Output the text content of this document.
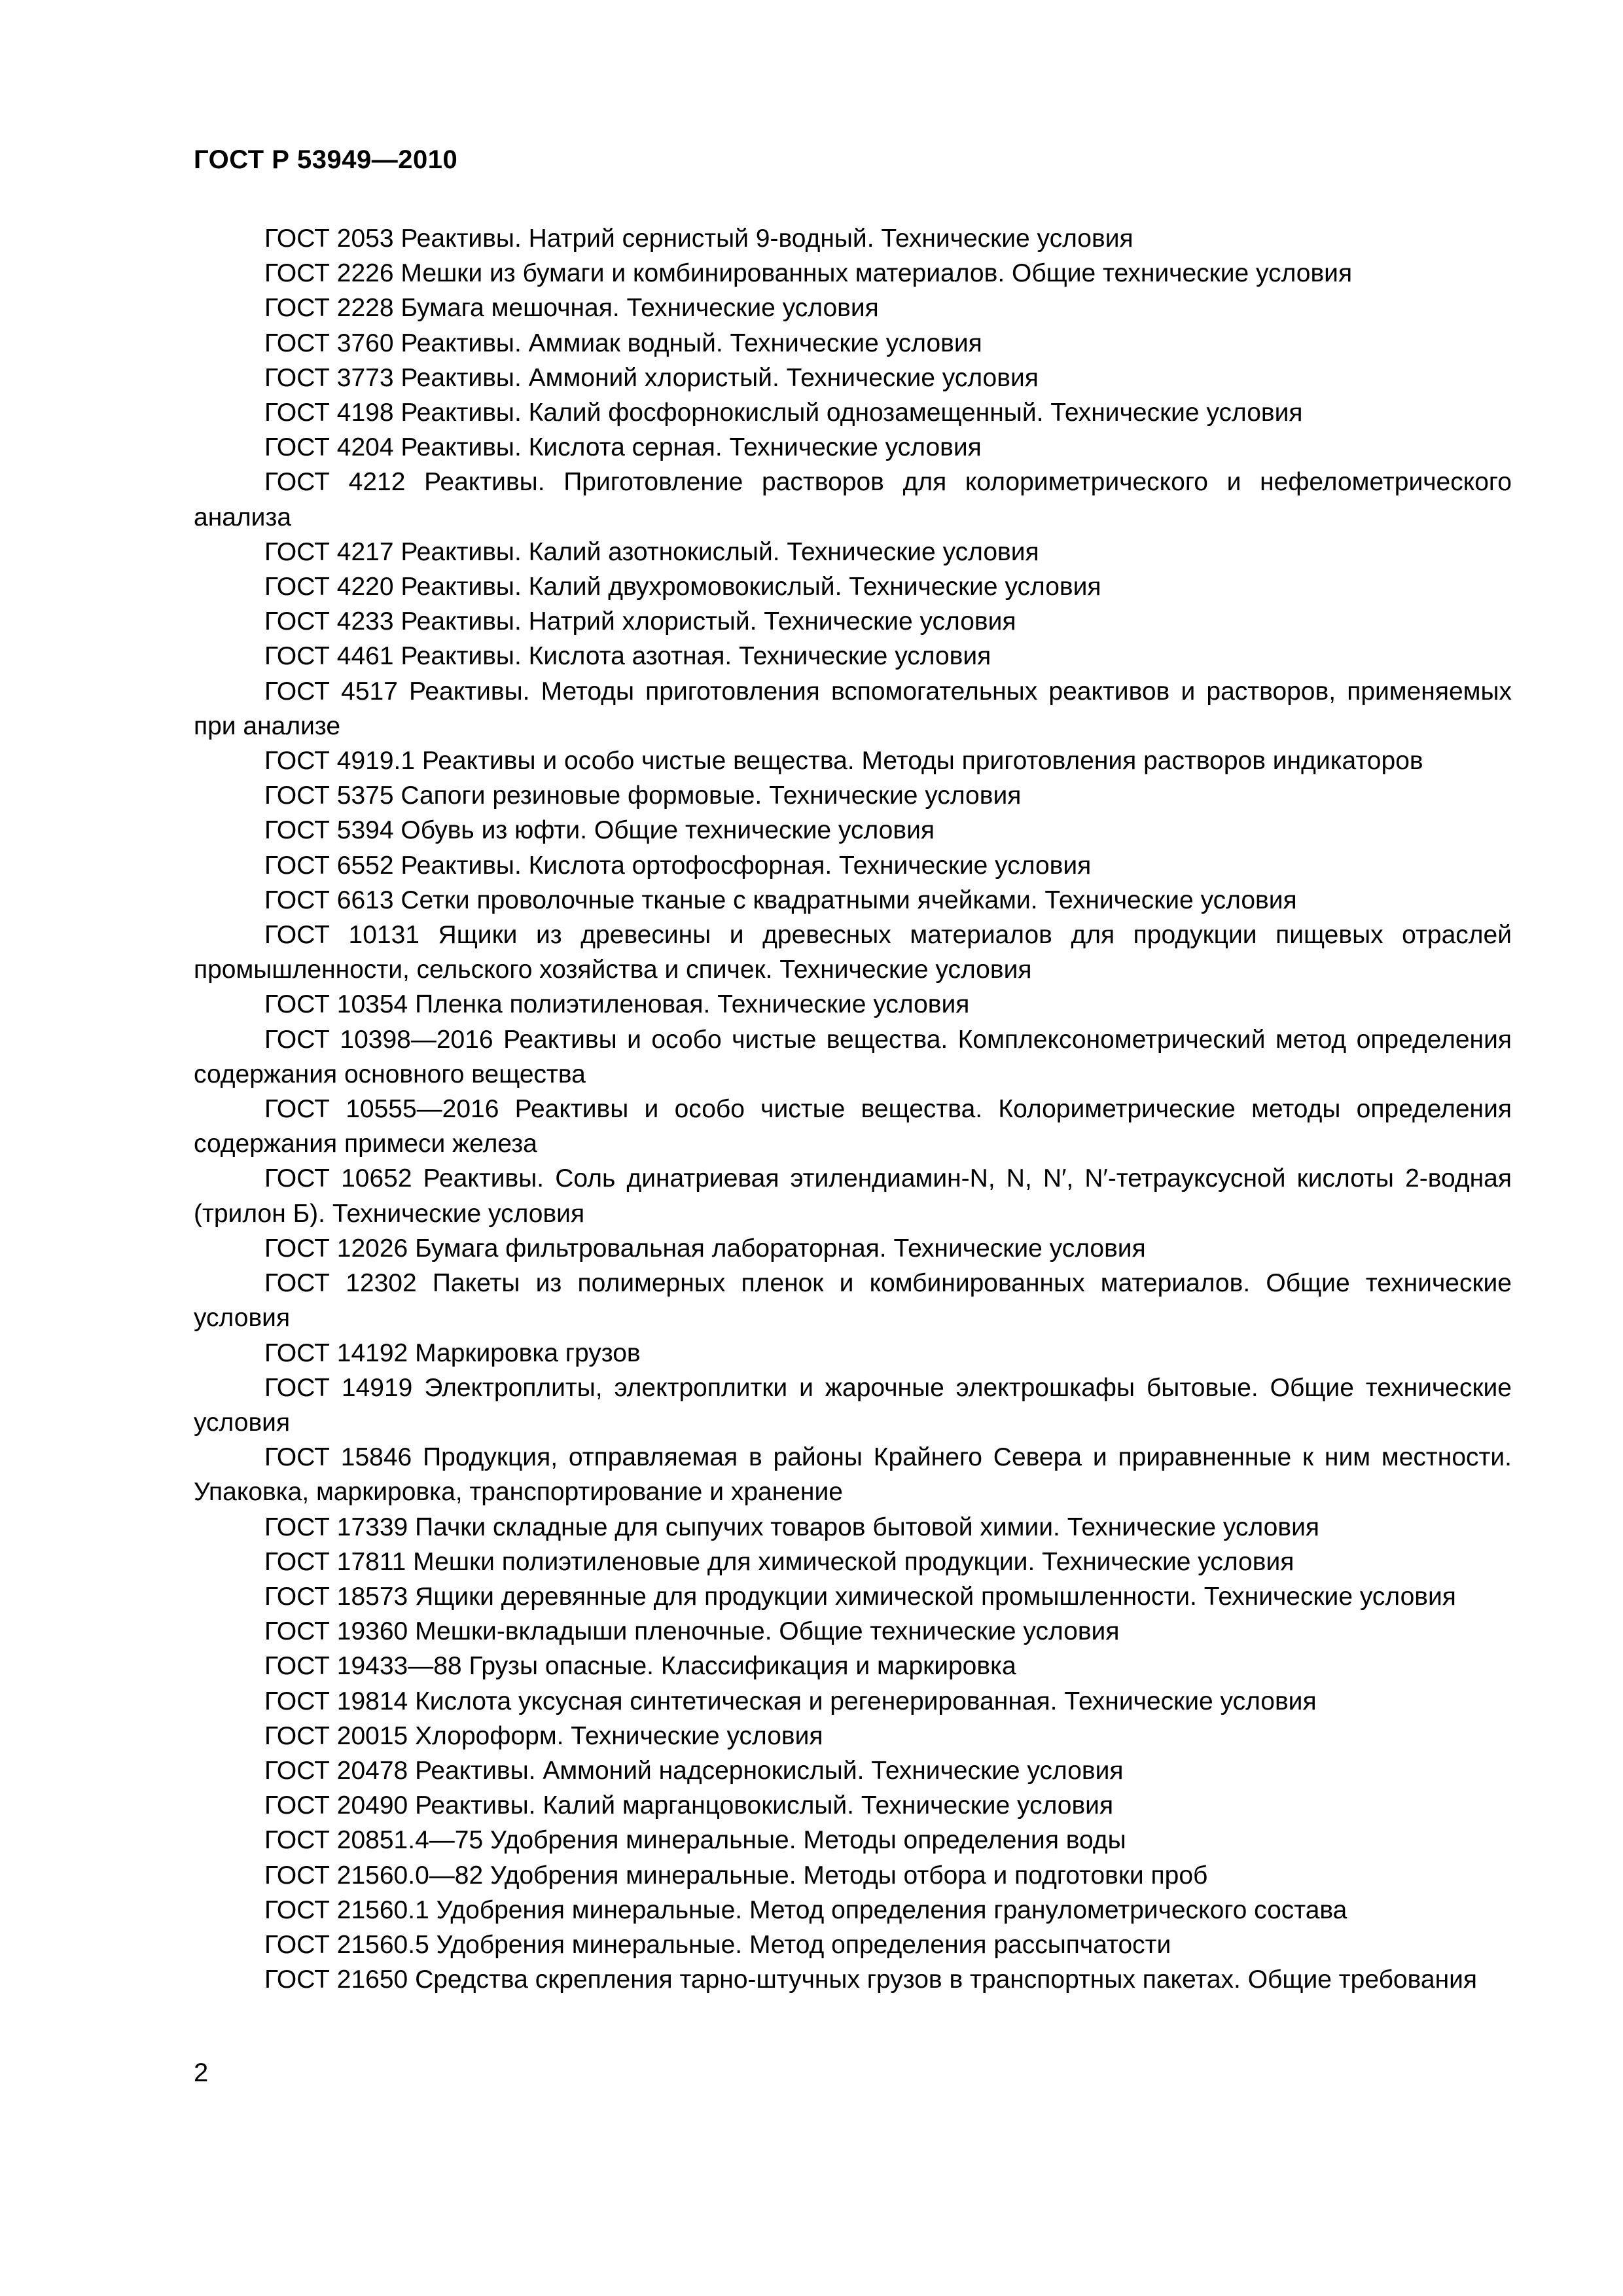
ГОСТ Р 53949—2010
ГОСТ 2053 Реактивы. Натрий сернистый 9-водный. Технические условия
ГОСТ 2226 Мешки из бумаги и комбинированных материалов. Общие технические условия
ГОСТ 2228 Бумага мешочная. Технические условия
ГОСТ 3760 Реактивы. Аммиак водный. Технические условия
ГОСТ 3773 Реактивы. Аммоний хлористый. Технические условия
ГОСТ 4198 Реактивы. Калий фосфорнокислый однозамещенный. Технические условия
ГОСТ 4204 Реактивы. Кислота серная. Технические условия
ГОСТ 4212 Реактивы. Приготовление растворов для колориметрического и нефелометрического анализа
ГОСТ 4217 Реактивы. Калий азотнокислый. Технические условия
ГОСТ 4220 Реактивы. Калий двухромовокислый. Технические условия
ГОСТ 4233 Реактивы. Натрий хлористый. Технические условия
ГОСТ 4461 Реактивы. Кислота азотная. Технические условия
ГОСТ 4517 Реактивы. Методы приготовления вспомогательных реактивов и растворов, применяемых при анализе
ГОСТ 4919.1 Реактивы и особо чистые вещества. Методы приготовления растворов индикаторов
ГОСТ 5375 Сапоги резиновые формовые. Технические условия
ГОСТ 5394 Обувь из юфти. Общие технические условия
ГОСТ 6552 Реактивы. Кислота ортофосфорная. Технические условия
ГОСТ 6613 Сетки проволочные тканые с квадратными ячейками. Технические условия
ГОСТ 10131 Ящики из древесины и древесных материалов для продукции пищевых отраслей промышленности, сельского хозяйства и спичек. Технические условия
ГОСТ 10354 Пленка полиэтиленовая. Технические условия
ГОСТ 10398—2016 Реактивы и особо чистые вещества. Комплексонометрический метод определения содержания основного вещества
ГОСТ 10555—2016 Реактивы и особо чистые вещества. Колориметрические методы определения содержания примеси железа
ГОСТ 10652 Реактивы. Соль динатриевая этилендиамин-N, N, N′, N′-тетрауксусной кислоты 2-водная (трилон Б). Технические условия
ГОСТ 12026 Бумага фильтровальная лабораторная. Технические условия
ГОСТ 12302 Пакеты из полимерных пленок и комбинированных материалов. Общие технические условия
ГОСТ 14192 Маркировка грузов
ГОСТ 14919 Электроплиты, электроплитки и жарочные электрошкафы бытовые. Общие технические условия
ГОСТ 15846 Продукция, отправляемая в районы Крайнего Севера и приравненные к ним местности. Упаковка, маркировка, транспортирование и хранение
ГОСТ 17339 Пачки складные для сыпучих товаров бытовой химии. Технические условия
ГОСТ 17811 Мешки полиэтиленовые для химической продукции. Технические условия
ГОСТ 18573 Ящики деревянные для продукции химической промышленности. Технические условия
ГОСТ 19360 Мешки-вкладыши пленочные. Общие технические условия
ГОСТ 19433—88 Грузы опасные. Классификация и маркировка
ГОСТ 19814 Кислота уксусная синтетическая и регенерированная. Технические условия
ГОСТ 20015 Хлороформ. Технические условия
ГОСТ 20478 Реактивы. Аммоний надсернокислый. Технические условия
ГОСТ 20490 Реактивы. Калий марганцовокислый. Технические условия
ГОСТ 20851.4—75 Удобрения минеральные. Методы определения воды
ГОСТ 21560.0—82 Удобрения минеральные. Методы отбора и подготовки проб
ГОСТ 21560.1 Удобрения минеральные. Метод определения гранулометрического состава
ГОСТ 21560.5 Удобрения минеральные. Метод определения рассыпчатости
ГОСТ 21650 Средства скрепления тарно-штучных грузов в транспортных пакетах. Общие требования
2
